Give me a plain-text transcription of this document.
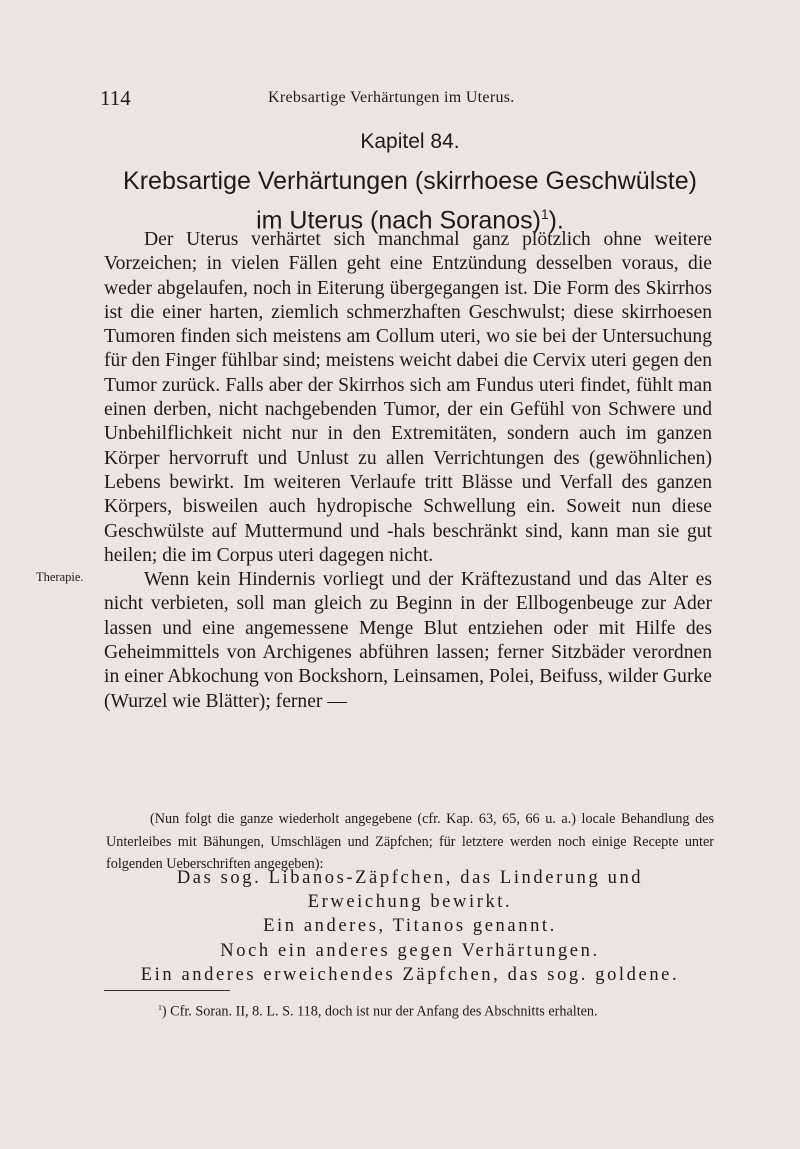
114	Krebsartige Verhärtungen im Uterus.
Kapitel 84.
Krebsartige Verhärtungen (skirrhoese Geschwülste)
im Uterus (nach Soranos)$^1$).
Therapie.

Der Uterus verhärtet sich manchmal ganz plötzlich ohne weitere Vorzeichen; in vielen Fällen geht eine Entzündung desselben voraus, die weder abgelaufen, noch in Eiterung übergegangen ist. Die Form des Skirrhos ist die einer harten, ziemlich schmerzhaften Geschwulst; diese skirrhoesen Tumoren finden sich meistens am Collum uteri, wo sie bei der Untersuchung für den Finger fühlbar sind; meistens weicht dabei die Cervix uteri gegen den Tumor zurück. Falls aber der Skirrhos sich am Fundus uteri findet, fühlt man einen derben, nicht nachgebenden Tumor, der ein Gefühl von Schwere und Unbehilflichkeit nicht nur in den Extremitäten, sondern auch im ganzen Körper hervorruft und Unlust zu allen Verrichtungen des (gewöhnlichen) Lebens bewirkt. Im weiteren Verlaufe tritt Blässe und Verfall des ganzen Körpers, bisweilen auch hydropische Schwellung ein. Soweit nun diese Geschwülste auf Muttermund und -hals beschränkt sind, kann man sie gut heilen; die im Corpus uteri dagegen nicht.

Wenn kein Hindernis vorliegt und der Kräftezustand und das Alter es nicht verbieten, soll man gleich zu Beginn in der Ellbogenbeuge zur Ader lassen und eine angemessene Menge Blut entziehen oder mit Hilfe des Geheimmittels von Archigenes abführen lassen; ferner Sitzbäder verordnen in einer Abkochung von Bockshorn, Leinsamen, Polei, Beifuss, wilder Gurke (Wurzel wie Blätter); ferner —

(Nun folgt die ganze wiederholt angegebene (cfr. Kap. 63, 65, 66 u. a.) locale Behandlung des Unterleibes mit Bähungen, Umschlägen und Zäpfchen; für letztere werden noch einige Recepte unter folgenden Ueberschriften angegeben):

Das sog. Libanos-Zäpfchen, das Linderung und
Erweichung bewirkt.
Ein anderes, Titanos genannt.
Noch ein anderes gegen Verhärtungen.
Ein anderes erweichendes Zäpfchen, das sog. goldene.

$^1$) Cfr. Soran. II, 8. L. S. 118, doch ist nur der Anfang des Abschnitts erhalten.
